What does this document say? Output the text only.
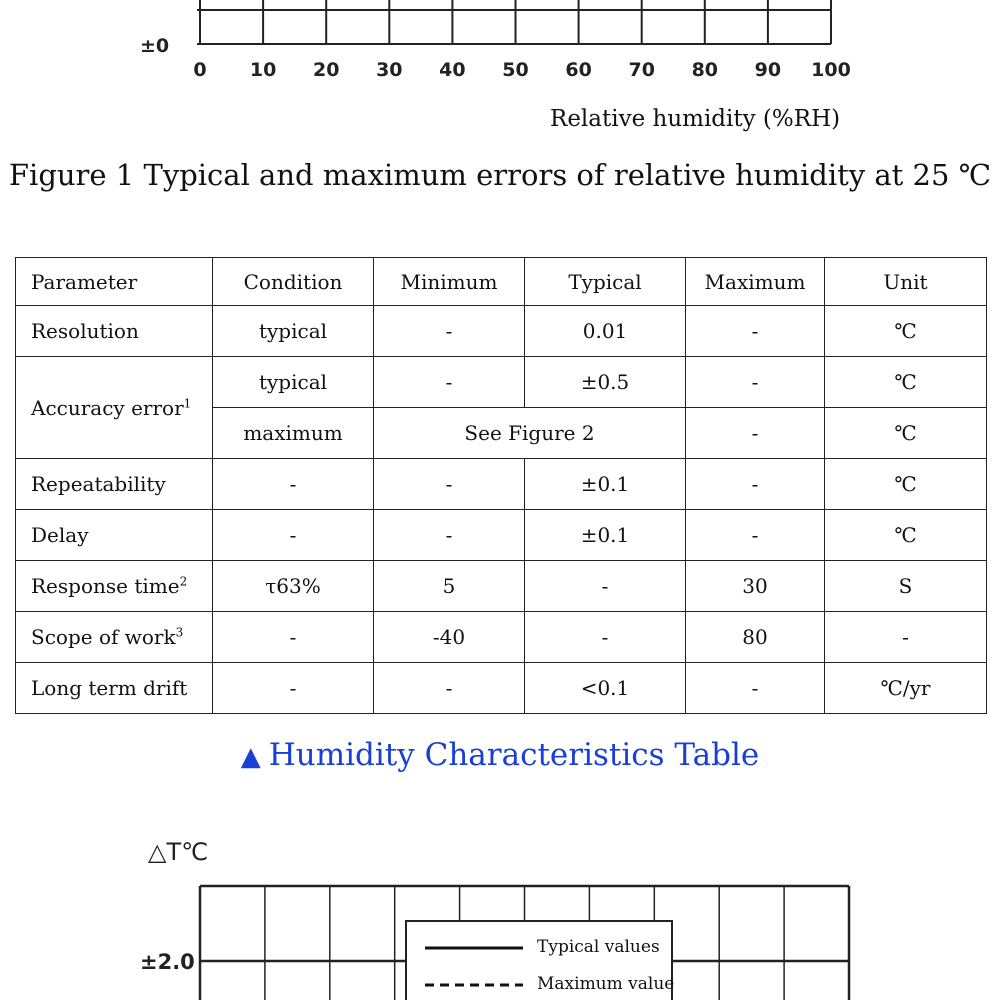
±0
0 10 20 30 40 50 60 70 80 90 100
Relative humidity (%RH)
Figure 1 Typical and maximum errors of relative humidity at 25 ℃
Parameter	Condition	Minimum	Typical	Maximum	Unit
Resolution	typical	-	0.01	-	℃
Accuracy error$^1$	typical	-	±0.5	-	℃
	maximum	See Figure 2		-	℃
Repeatability	-	-	±0.1	-	℃
Delay	-	-	±0.1	-	℃
Response time$^2$	τ63%	5	-	30	S
Scope of work$^3$	-	-40	-	80	-
Long term drift	-	-	<0.1	-	℃/yr
▲ Humidity Characteristics Table
△T℃
±2.0
Typical values
Maximum value
